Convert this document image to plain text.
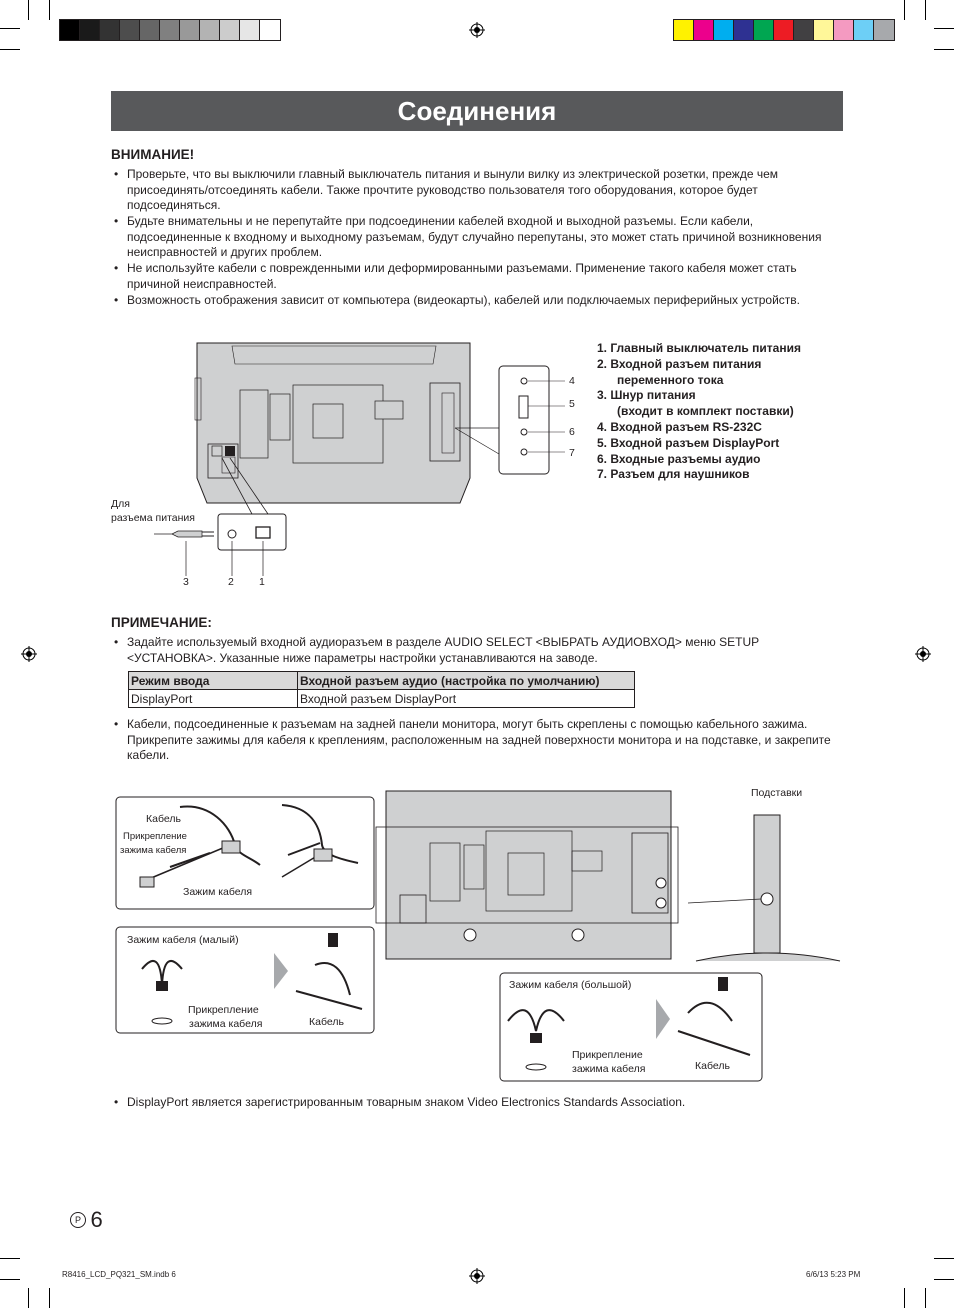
Соединения
ВНИМАНИЕ!
• Проверьте, что вы выключили главный выключатель питания и вынули вилку из электрической розетки, прежде чем присоединять/отсоединять кабели. Также прочтите руководство пользователя того оборудования, которое будет подсоединяться.
• Будьте внимательны и не перепутайте при подсоединении кабелей входной и выходной разъемы. Если кабели, подсоединенные к входному и выходному разъемам, будут случайно перепутаны, это может стать причиной возникновения неисправностей и других проблем.
• Не используйте кабели с поврежденными или деформированными разъемами. Применение такого кабеля может стать причиной неисправностей.
• Возможность отображения зависит от компьютера (видеокарты), кабелей или подключаемых периферийных устройств.
4
5
6
7
Для
разъема питания
3	2 1
1. Главный выключатель питания
2. Входной разъем питания
переменного тока
3. Шнур питания
(входит в комплект поставки)
4. Входной разъем RS-232C
5. Входной разъем DisplayPort
6. Входные разъемы аудио
7. Разъем для наушников
ПРИМЕЧАНИЕ:
• Задайте используемый входной аудиоразъем в разделе AUDIO SELECT <ВЫБРАТЬ АУДИОВХОД> меню SETUP <УСТАНОВКА>. Указанные ниже параметры настройки устанавливаются на заводе.
Режим ввода	Входной разъем аудио (настройка по умолчанию)
DisplayPort	Входной разъем DisplayPort
• Кабели, подсоединенные к разъемам на задней панели монитора, могут быть скреплены с помощью кабельного зажима.
Прикрепите зажимы для кабеля к креплениям, расположенным на задней поверхности монитора и на подставке, и закрепите кабели.
Кабель
Прикрепление
зажима кабеля
Зажим кабеля
Зажим кабеля (малый)
Прикрепление
зажима кабеля	Кабель
Подставки
Зажим кабеля (большой)
Прикрепление
зажима кабеля	Кабель
• DisplayPort является зарегистрированным товарным знаком Video Electronics Standards Association.
P 6
R8416_LCD_PQ321_SM.indb 6	6/6/13 5:23 PM
